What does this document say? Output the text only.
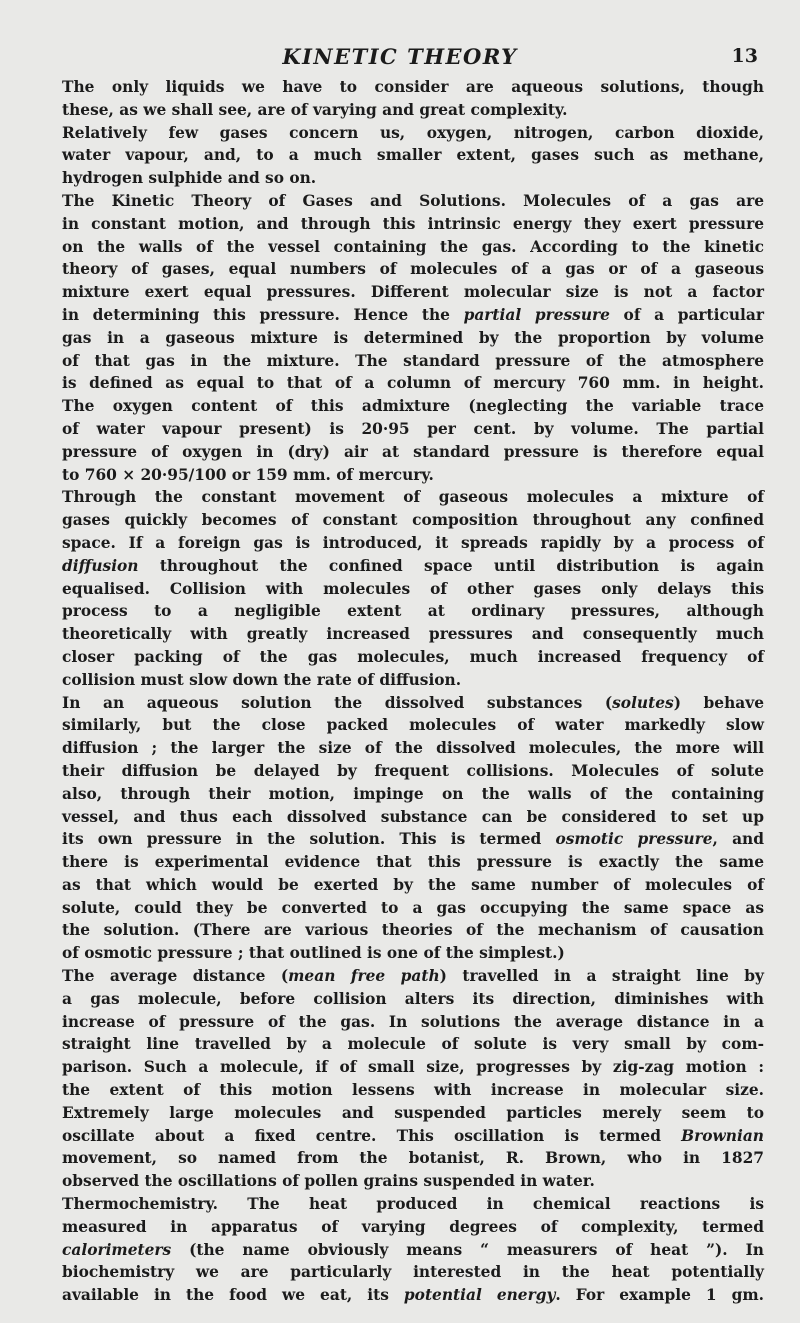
KINETIC THEORY	13
The only liquids we have to consider are aqueous solutions, though
these, as we shall see, are of varying and great complexity.
Relatively few gases concern us, oxygen, nitrogen, carbon dioxide,
water vapour, and, to a much smaller extent, gases such as methane,
hydrogen sulphide and so on.
The Kinetic Theory of Gases and Solutions. Molecules of a gas are
in constant motion, and through this intrinsic energy they exert pressure
on the walls of the vessel containing the gas. According to the kinetic
theory of gases, equal numbers of molecules of a gas or of a gaseous
mixture exert equal pressures. Different molecular size is not a factor
in determining this pressure. Hence the partial pressure of a particular
gas in a gaseous mixture is determined by the proportion by volume
of that gas in the mixture. The standard pressure of the atmosphere
is defined as equal to that of a column of mercury 760 mm. in height.
The oxygen content of this admixture (neglecting the variable trace
of water vapour present) is 20·95 per cent. by volume. The partial
pressure of oxygen in (dry) air at standard pressure is therefore equal
to 760 × 20·95/100 or 159 mm. of mercury.
Through the constant movement of gaseous molecules a mixture of
gases quickly becomes of constant composition throughout any confined
space. If a foreign gas is introduced, it spreads rapidly by a process of
diffusion throughout the confined space until distribution is again
equalised. Collision with molecules of other gases only delays this
process to a negligible extent at ordinary pressures, although
theoretically with greatly increased pressures and consequently much
closer packing of the gas molecules, much increased frequency of
collision must slow down the rate of diffusion.
In an aqueous solution the dissolved substances (solutes) behave
similarly, but the close packed molecules of water markedly slow
diffusion ; the larger the size of the dissolved molecules, the more will
their diffusion be delayed by frequent collisions. Molecules of solute
also, through their motion, impinge on the walls of the containing
vessel, and thus each dissolved substance can be considered to set up
its own pressure in the solution. This is termed osmotic pressure, and
there is experimental evidence that this pressure is exactly the same
as that which would be exerted by the same number of molecules of
solute, could they be converted to a gas occupying the same space as
the solution. (There are various theories of the mechanism of causation
of osmotic pressure ; that outlined is one of the simplest.)
The average distance (mean free path) travelled in a straight line by
a gas molecule, before collision alters its direction, diminishes with
increase of pressure of the gas. In solutions the average distance in a
straight line travelled by a molecule of solute is very small by com-
parison. Such a molecule, if of small size, progresses by zig-zag motion :
the extent of this motion lessens with increase in molecular size.
Extremely large molecules and suspended particles merely seem to
oscillate about a fixed centre. This oscillation is termed Brownian
movement, so named from the botanist, R. Brown, who in 1827
observed the oscillations of pollen grains suspended in water.
Thermochemistry. The heat produced in chemical reactions is
measured in apparatus of varying degrees of complexity, termed
calorimeters (the name obviously means “ measurers of heat ”). In
biochemistry we are particularly interested in the heat potentially
available in the food we eat, its potential energy. For example 1 gm.
